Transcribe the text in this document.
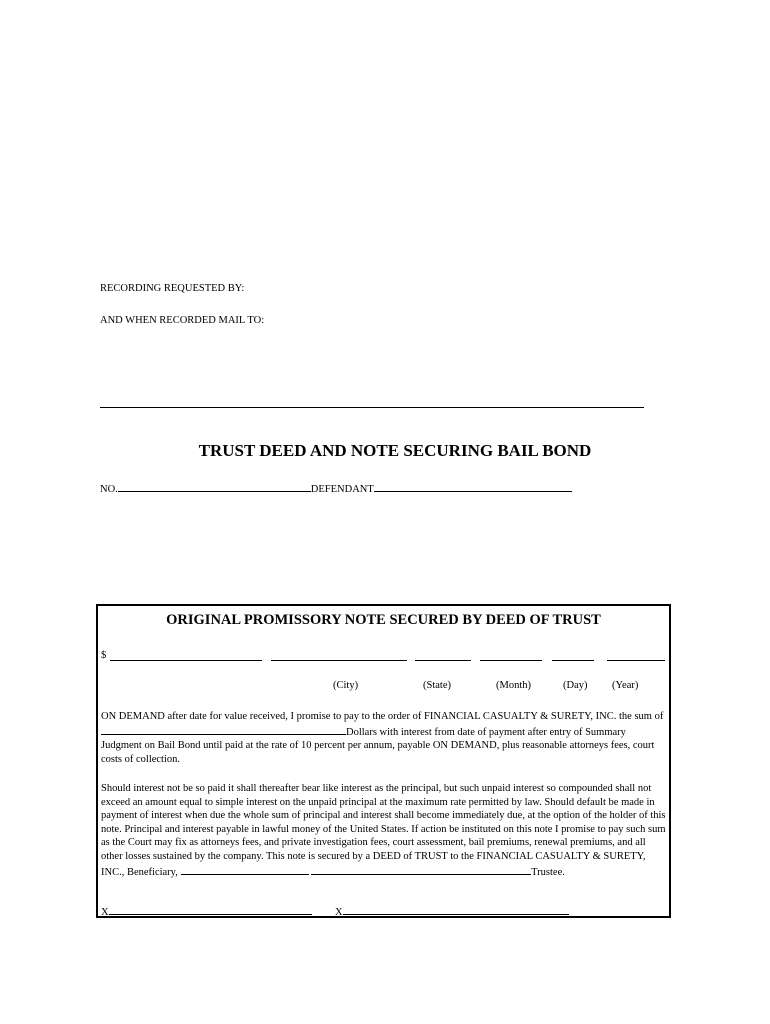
RECORDING REQUESTED BY:
AND WHEN RECORDED MAIL TO:
TRUST DEED AND NOTE SECURING BAIL BOND
NO.	DEFENDANT
ORIGINAL PROMISSORY NOTE SECURED BY DEED OF TRUST
$
(City)	(State)	(Month)	(Day) (Year)
ON DEMAND after date for value received, I promise to pay to the order of FINANCIAL CASUALTY & SURETY, INC. the sum of Dollars with interest from date of payment after entry of Summary Judgment on Bail Bond until paid at the rate of 10 percent per annum, payable ON DEMAND, plus reasonable attorneys fees, court costs of collection.
Should interest not be so paid it shall thereafter bear like interest as the principal, but such unpaid interest so compounded shall not exceed an amount equal to simple interest on the unpaid principal at the maximum rate permitted by law. Should default be made in payment of interest when due the whole sum of principal and interest shall become immediately due, at the option of the holder of this note. Principal and interest payable in lawful money of the United States. If action be instituted on this note I promise to pay such sum as the Court may fix as attorneys fees, and private investigation fees, court assessment, bail premiums, renewal premiums, and all other losses sustained by the company. This note is secured by a DEED of TRUST to the FINANCIAL CASUALTY & SURETY, INC., Beneficiary,	Trustee.
X	X
